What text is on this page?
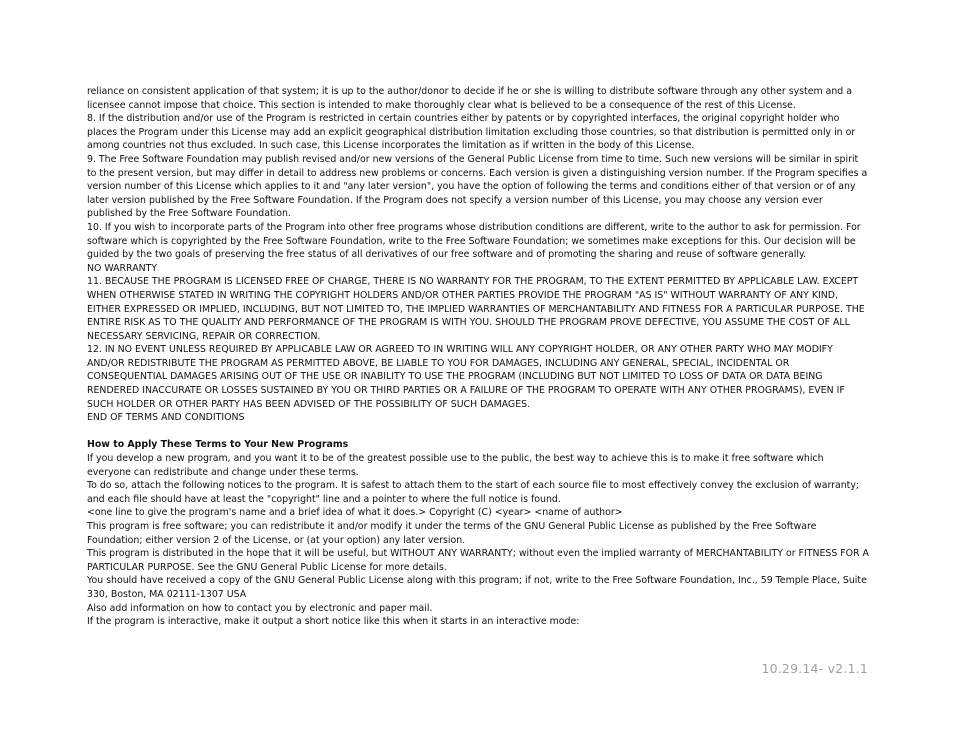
reliance on consistent application of that system; it is up to the author/donor to decide if he or she is willing to distribute software through any other system and a licensee cannot impose that choice. This section is intended to make thoroughly clear what is believed to be a consequence of the rest of this License.

8. If the distribution and/or use of the Program is restricted in certain countries either by patents or by copyrighted interfaces, the original copyright holder who places the Program under this License may add an explicit geographical distribution limitation excluding those countries, so that distribution is permitted only in or among countries not thus excluded. In such case, this License incorporates the limitation as if written in the body of this License.

9. The Free Software Foundation may publish revised and/or new versions of the General Public License from time to time. Such new versions will be similar in spirit to the present version, but may differ in detail to address new problems or concerns. Each version is given a distinguishing version number. If the Program specifies a version number of this License which applies to it and "any later version", you have the option of following the terms and conditions either of that version or of any later version published by the Free Software Foundation. If the Program does not specify a version number of this License, you may choose any version ever published by the Free Software Foundation.

10. If you wish to incorporate parts of the Program into other free programs whose distribution conditions are different, write to the author to ask for permission. For software which is copyrighted by the Free Software Foundation, write to the Free Software Foundation; we sometimes make exceptions for this. Our decision will be guided by the two goals of preserving the free status of all derivatives of our free software and of promoting the sharing and reuse of software generally.

NO WARRANTY

11. BECAUSE THE PROGRAM IS LICENSED FREE OF CHARGE, THERE IS NO WARRANTY FOR THE PROGRAM, TO THE EXTENT PERMITTED BY APPLICABLE LAW. EXCEPT WHEN OTHERWISE STATED IN WRITING THE COPYRIGHT HOLDERS AND/OR OTHER PARTIES PROVIDE THE PROGRAM "AS IS" WITHOUT WARRANTY OF ANY KIND, EITHER EXPRESSED OR IMPLIED, INCLUDING, BUT NOT LIMITED TO, THE IMPLIED WARRANTIES OF MERCHANTABILITY AND FITNESS FOR A PARTICULAR PURPOSE. THE ENTIRE RISK AS TO THE QUALITY AND PERFORMANCE OF THE PROGRAM IS WITH YOU. SHOULD THE PROGRAM PROVE DEFECTIVE, YOU ASSUME THE COST OF ALL NECESSARY SERVICING, REPAIR OR CORRECTION.

12. IN NO EVENT UNLESS REQUIRED BY APPLICABLE LAW OR AGREED TO IN WRITING WILL ANY COPYRIGHT HOLDER, OR ANY OTHER PARTY WHO MAY MODIFY AND/OR REDISTRIBUTE THE PROGRAM AS PERMITTED ABOVE, BE LIABLE TO YOU FOR DAMAGES, INCLUDING ANY GENERAL, SPECIAL, INCIDENTAL OR CONSEQUENTIAL DAMAGES ARISING OUT OF THE USE OR INABILITY TO USE THE PROGRAM (INCLUDING BUT NOT LIMITED TO LOSS OF DATA OR DATA BEING RENDERED INACCURATE OR LOSSES SUSTAINED BY YOU OR THIRD PARTIES OR A FAILURE OF THE PROGRAM TO OPERATE WITH ANY OTHER PROGRAMS), EVEN IF SUCH HOLDER OR OTHER PARTY HAS BEEN ADVISED OF THE POSSIBILITY OF SUCH DAMAGES.

END OF TERMS AND CONDITIONS

How to Apply These Terms to Your New Programs

If you develop a new program, and you want it to be of the greatest possible use to the public, the best way to achieve this is to make it free software which everyone can redistribute and change under these terms.

To do so, attach the following notices to the program. It is safest to attach them to the start of each source file to most effectively convey the exclusion of warranty; and each file should have at least the "copyright" line and a pointer to where the full notice is found.

<one line to give the program's name and a brief idea of what it does.> Copyright (C) <year> <name of author>

This program is free software; you can redistribute it and/or modify it under the terms of the GNU General Public License as published by the Free Software Foundation; either version 2 of the License, or (at your option) any later version.

This program is distributed in the hope that it will be useful, but WITHOUT ANY WARRANTY; without even the implied warranty of MERCHANTABILITY or FITNESS FOR A PARTICULAR PURPOSE. See the GNU General Public License for more details.

You should have received a copy of the GNU General Public License along with this program; if not, write to the Free Software Foundation, Inc., 59 Temple Place, Suite 330, Boston, MA 02111-1307 USA

Also add information on how to contact you by electronic and paper mail.

If the program is interactive, make it output a short notice like this when it starts in an interactive mode:

10.29.14- v2.1.1
